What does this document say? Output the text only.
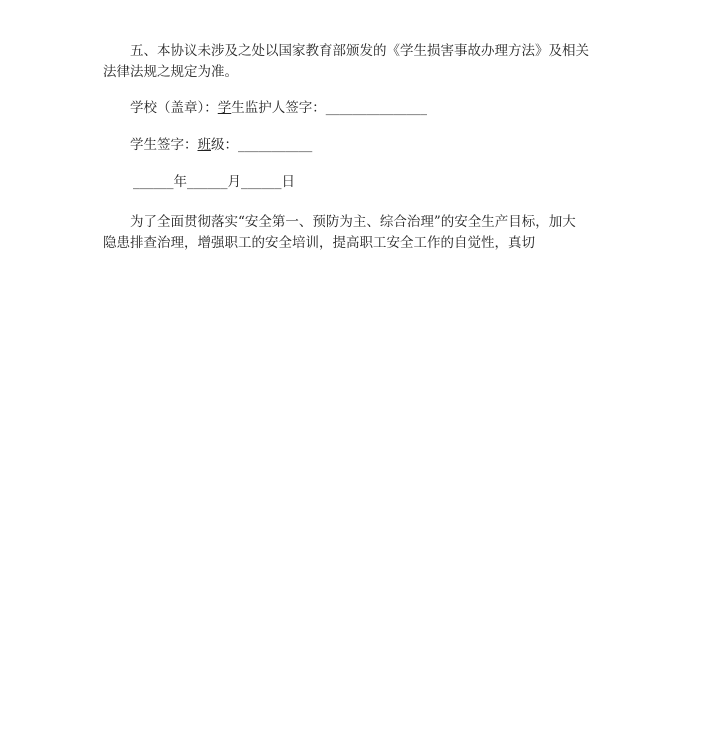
五、本协议未涉及之处以国家教育部颁发的《学生损害事故办理方法》及相关
法律法规之规定为准。
学校（盖章）：学生监护人签字：_______________
学生签字：班级：___________
______年______月______日
为了全面贯彻落实“安全第一、预防为主、综合治理”的安全生产目标，加大
隐患排查治理，增强职工的安全培训，提高职工安全工作的自觉性，真切
